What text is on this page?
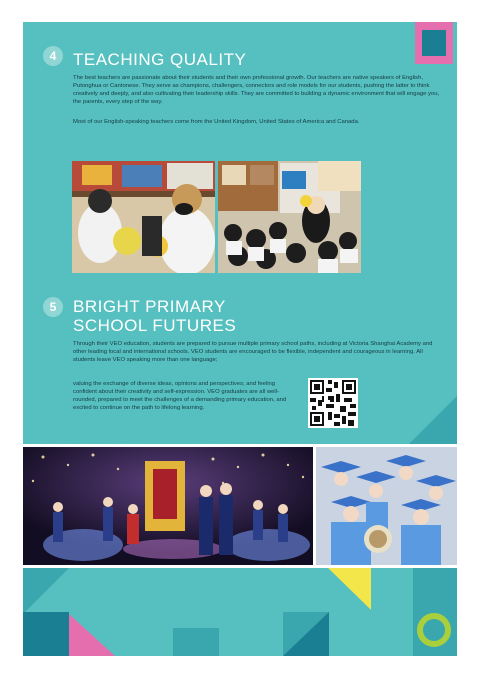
4 TEACHING QUALITY
The best teachers are passionate about their students and their own professional growth. Our teachers are native speakers of English, Putonghua or Cantonese. They serve as champions, challengers, connectors and role models for our students, pushing the latter to think creatively and deeply, and also cultivating their leadership skills. They are committed to building a dynamic environment that will engage you, the parents, every step of the way.
Most of our English-speaking teachers come from the United Kingdom, United States of America and Canada.
5 BRIGHT PRIMARY
SCHOOL FUTURES
Through their VEO education, students are prepared to pursue multiple primary school paths, including at Victoria Shanghai Academy and other leading local and international schools. VEO students are encouraged to be flexible, independent and courageous in learning. All students leave VEO speaking more than one language;
valuing the exchange of diverse ideas, opinions and perspectives; and feeling confident about their creativity and self-expression. VEO graduates are all well-rounded, prepared to meet the challenges of a demanding primary education, and excited to continue on the path to lifelong learning.
